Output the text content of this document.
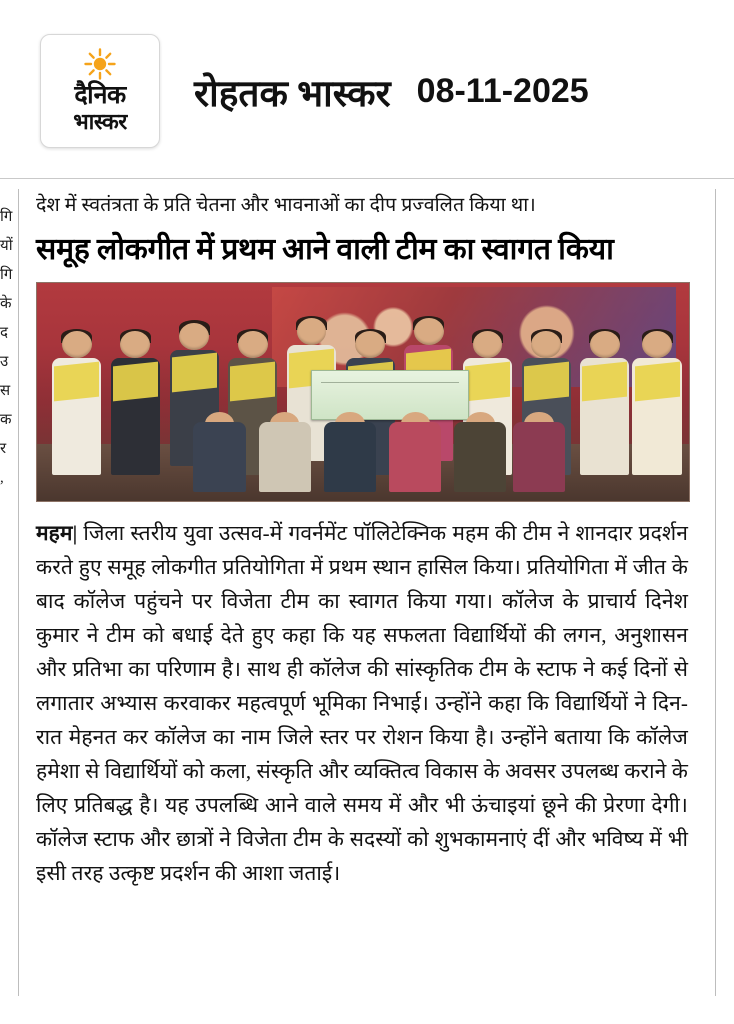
दैनिक
भास्कर
रोहतक भास्कर 08-11-2025
गि
यों
गि
के
द
उ
स
क
र
,
देश में स्वतंत्रता के प्रति चेतना और भावनाओं का दीप प्रज्वलित किया था।
समूह लोकगीत में प्रथम आने वाली टीम का स्वागत किया

महम| जिला स्तरीय युवा उत्सव-में गवर्नमेंट पॉलिटेक्निक महम की टीम ने शानदार प्रदर्शन करते हुए समूह लोकगीत प्रतियोगिता में प्रथम स्थान हासिल किया। प्रतियोगिता में जीत के बाद कॉलेज पहुंचने पर विजेता टीम का स्वागत किया गया। कॉलेज के प्राचार्य दिनेश कुमार ने टीम को बधाई देते हुए कहा कि यह सफलता विद्यार्थियों की लगन, अनुशासन और प्रतिभा का परिणाम है। साथ ही कॉलेज की सांस्कृतिक टीम के स्टाफ ने कई दिनों से लगातार अभ्यास करवाकर महत्वपूर्ण भूमिका निभाई। उन्होंने कहा कि विद्यार्थियों ने दिन-रात मेहनत कर कॉलेज का नाम जिले स्तर पर रोशन किया है। उन्होंने बताया कि कॉलेज हमेशा से विद्यार्थियों को कला, संस्कृति और व्यक्तित्व विकास के अवसर उपलब्ध कराने के लिए प्रतिबद्ध है। यह उपलब्धि आने वाले समय में और भी ऊंचाइयां छूने की प्रेरणा देगी। कॉलेज स्टाफ और छात्रों ने विजेता टीम के सदस्यों को शुभकामनाएं दीं और भविष्य में भी इसी तरह उत्कृष्ट प्रदर्शन की आशा जताई।
